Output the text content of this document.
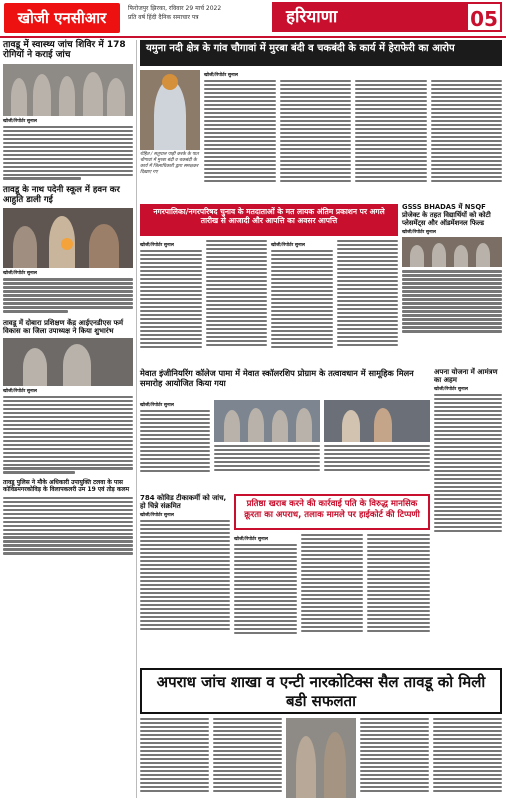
खोजी एनसीआर
फिरोजपुर झिरका, रविवार 29 मार्च 2022
प्रति वर्ष हिंदी दैनिक समाचार पत्र	हरियाणा	05
तावडू में स्वास्थ्य जांच शिविर में 178 रोगियों ने कराई जांच
खोजी/रिपोर्टर सुनाल
तावडू के नाथ पदेनी स्कूल में हवन कर आहुति डाली गई
खोजी/रिपोर्टर सुनाल
तावडू में दोबारा प्रशिक्षण केंद्र आईएनडीएस फर्म विकास का जिला उपाध्यक्ष ने किया शुभारंभ
खोजी/रिपोर्टर सुनाल
तावडू पुलिस ने मौके अधिकारी उपायुक्ति टलवा के पास कोविडमगरकोविड़ के विलापकलरी उम 19 एवं तोड़ कलम
यमुना नदी क्षेत्र के गांव चौगावां में मुरबा बंदी व चकबंदी के कार्य में हेराफेरी का आरोप
रोहित / सतुपाल पाही करके के पात चौगावां में मुरबा बंदी व चकबंदी के कार्य में जिलाधिकारी द्वारा समक्षकर दिखाए गए
खोजी/रिपोर्टर सुनाल
नगरपालिका/नगरपरिषद चुनाव के मतदाताओं के मत लायक अंतिम प्रकाशन पर अगले तारीख से आजादी और आपत्ति का अवसर आपत्ति
खोजी/रिपोर्टर सुनाल	खोजी/रिपोर्टर सुनाल
GSSS BHADAS में NSQF प्रोजेक्ट के तहत विद्यार्थियों को कोटी प्लेसमेंट्स और ऑडमेंशनल फिल्ड
खोजी/रिपोर्टर सुनाल
मेवात इंजीनियरिंग कॉलेज पामा में मेवात स्कॉलरशिप प्रोग्राम के तत्वावधान में सामूहिक मिलन समारोह आयोजित किया गया
खोजी/रिपोर्टर सुनाल
अपना योजना में आमंत्रण का अहम
खोजी/रिपोर्टर सुनाल
784 कोविड टीकाकर्मी को जांच, हो चिन्ने संक्रमित
खोजी/रिपोर्टर सुनाल
प्रतिष्ठा खराब करने की कार्रवाई पति के विरुद्ध मानसिक क्रूरता का अपराध, तलाक मामले पर हाईकोर्ट की टिप्पणी
खोजी/रिपोर्टर सुनाल
अपराध जांच शाखा व एन्टी नारकोटिक्स सैल तावडू को मिली बडी सफलता
